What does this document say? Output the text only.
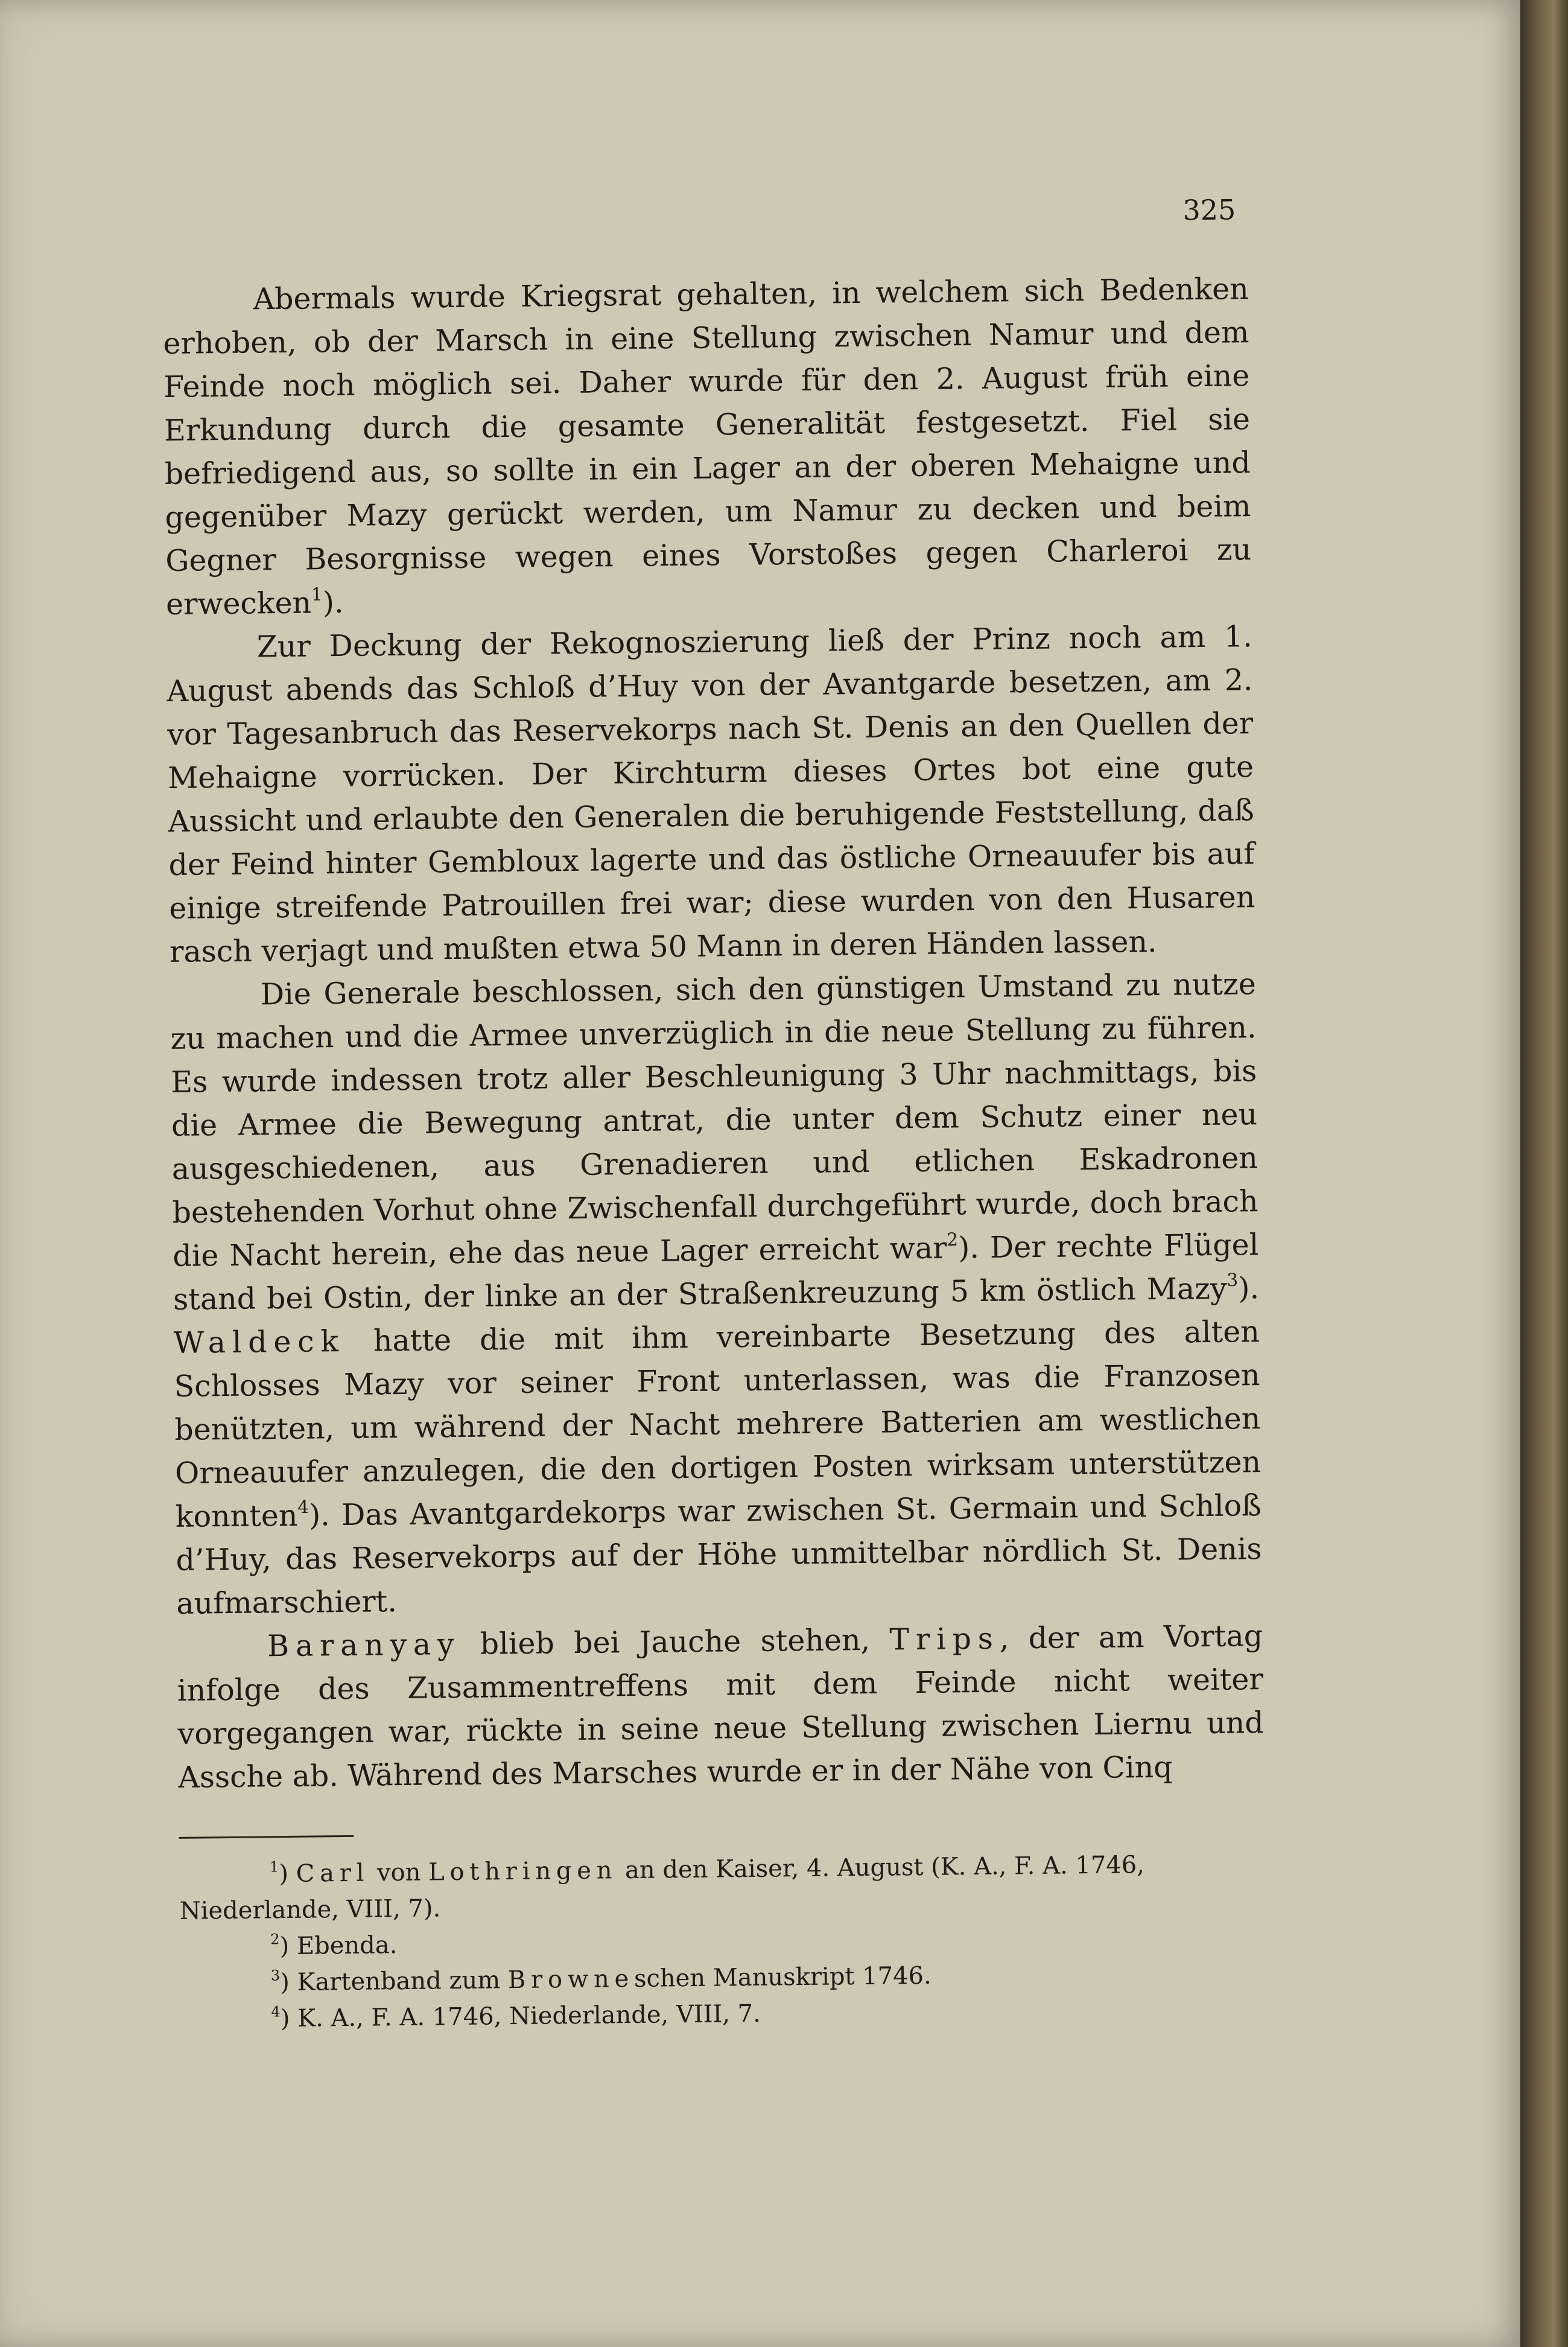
325

Abermals wurde Kriegsrat gehalten, in welchem sich Bedenken erhoben, ob der Marsch in eine Stellung zwischen Namur und dem Feinde noch möglich sei. Daher wurde für den 2. August früh eine Erkundung durch die gesamte Generalität festgesetzt. Fiel sie befriedigend aus, so sollte in ein Lager an der oberen Mehaigne und gegenüber Mazy gerückt werden, um Namur zu decken und beim Gegner Besorgnisse wegen eines Vorstoßes gegen Charleroi zu erwecken$^1$).

Zur Deckung der Rekognoszierung ließ der Prinz noch am 1. August abends das Schloß d’Huy von der Avantgarde besetzen, am 2. vor Tagesanbruch das Reservekorps nach St. Denis an den Quellen der Mehaigne vorrücken. Der Kirchturm dieses Ortes bot eine gute Aussicht und erlaubte den Generalen die beruhigende Feststellung, daß der Feind hinter Gembloux lagerte und das östliche Orneauufer bis auf einige streifende Patrouillen frei war; diese wurden von den Husaren rasch verjagt und mußten etwa 50 Mann in deren Händen lassen.

Die Generale beschlossen, sich den günstigen Umstand zu nutze zu machen und die Armee unverzüglich in die neue Stellung zu führen. Es wurde indessen trotz aller Beschleunigung 3 Uhr nachmittags, bis die Armee die Bewegung antrat, die unter dem Schutz einer neu ausgeschiedenen, aus Grenadieren und etlichen Eskadronen bestehenden Vorhut ohne Zwischenfall durchgeführt wurde, doch brach die Nacht herein, ehe das neue Lager erreicht war$^2$). Der rechte Flügel stand bei Ostin, der linke an der Straßenkreuzung 5 km östlich Mazy$^3$). Waldeck hatte die mit ihm vereinbarte Besetzung des alten Schlosses Mazy vor seiner Front unterlassen, was die Franzosen benützten, um während der Nacht mehrere Batterien am westlichen Orneauufer anzulegen, die den dortigen Posten wirksam unterstützen konnten$^4$). Das Avantgardekorps war zwischen St. Germain und Schloß d’Huy, das Reservekorps auf der Höhe unmittelbar nördlich St. Denis aufmarschiert.

Baranyay blieb bei Jauche stehen, Trips, der am Vortag infolge des Zusammentreffens mit dem Feinde nicht weiter vorgegangen war, rückte in seine neue Stellung zwischen Liernu und Assche ab. Während des Marsches wurde er in der Nähe von Cinq

$^1$) Carl von Lothringen an den Kaiser, 4. August (K. A., F. A. 1746, Niederlande, VIII, 7).

$^2$) Ebenda.

$^3$) Kartenband zum Browneschen Manuskript 1746.

$^4$) K. A., F. A. 1746, Niederlande, VIII, 7.
